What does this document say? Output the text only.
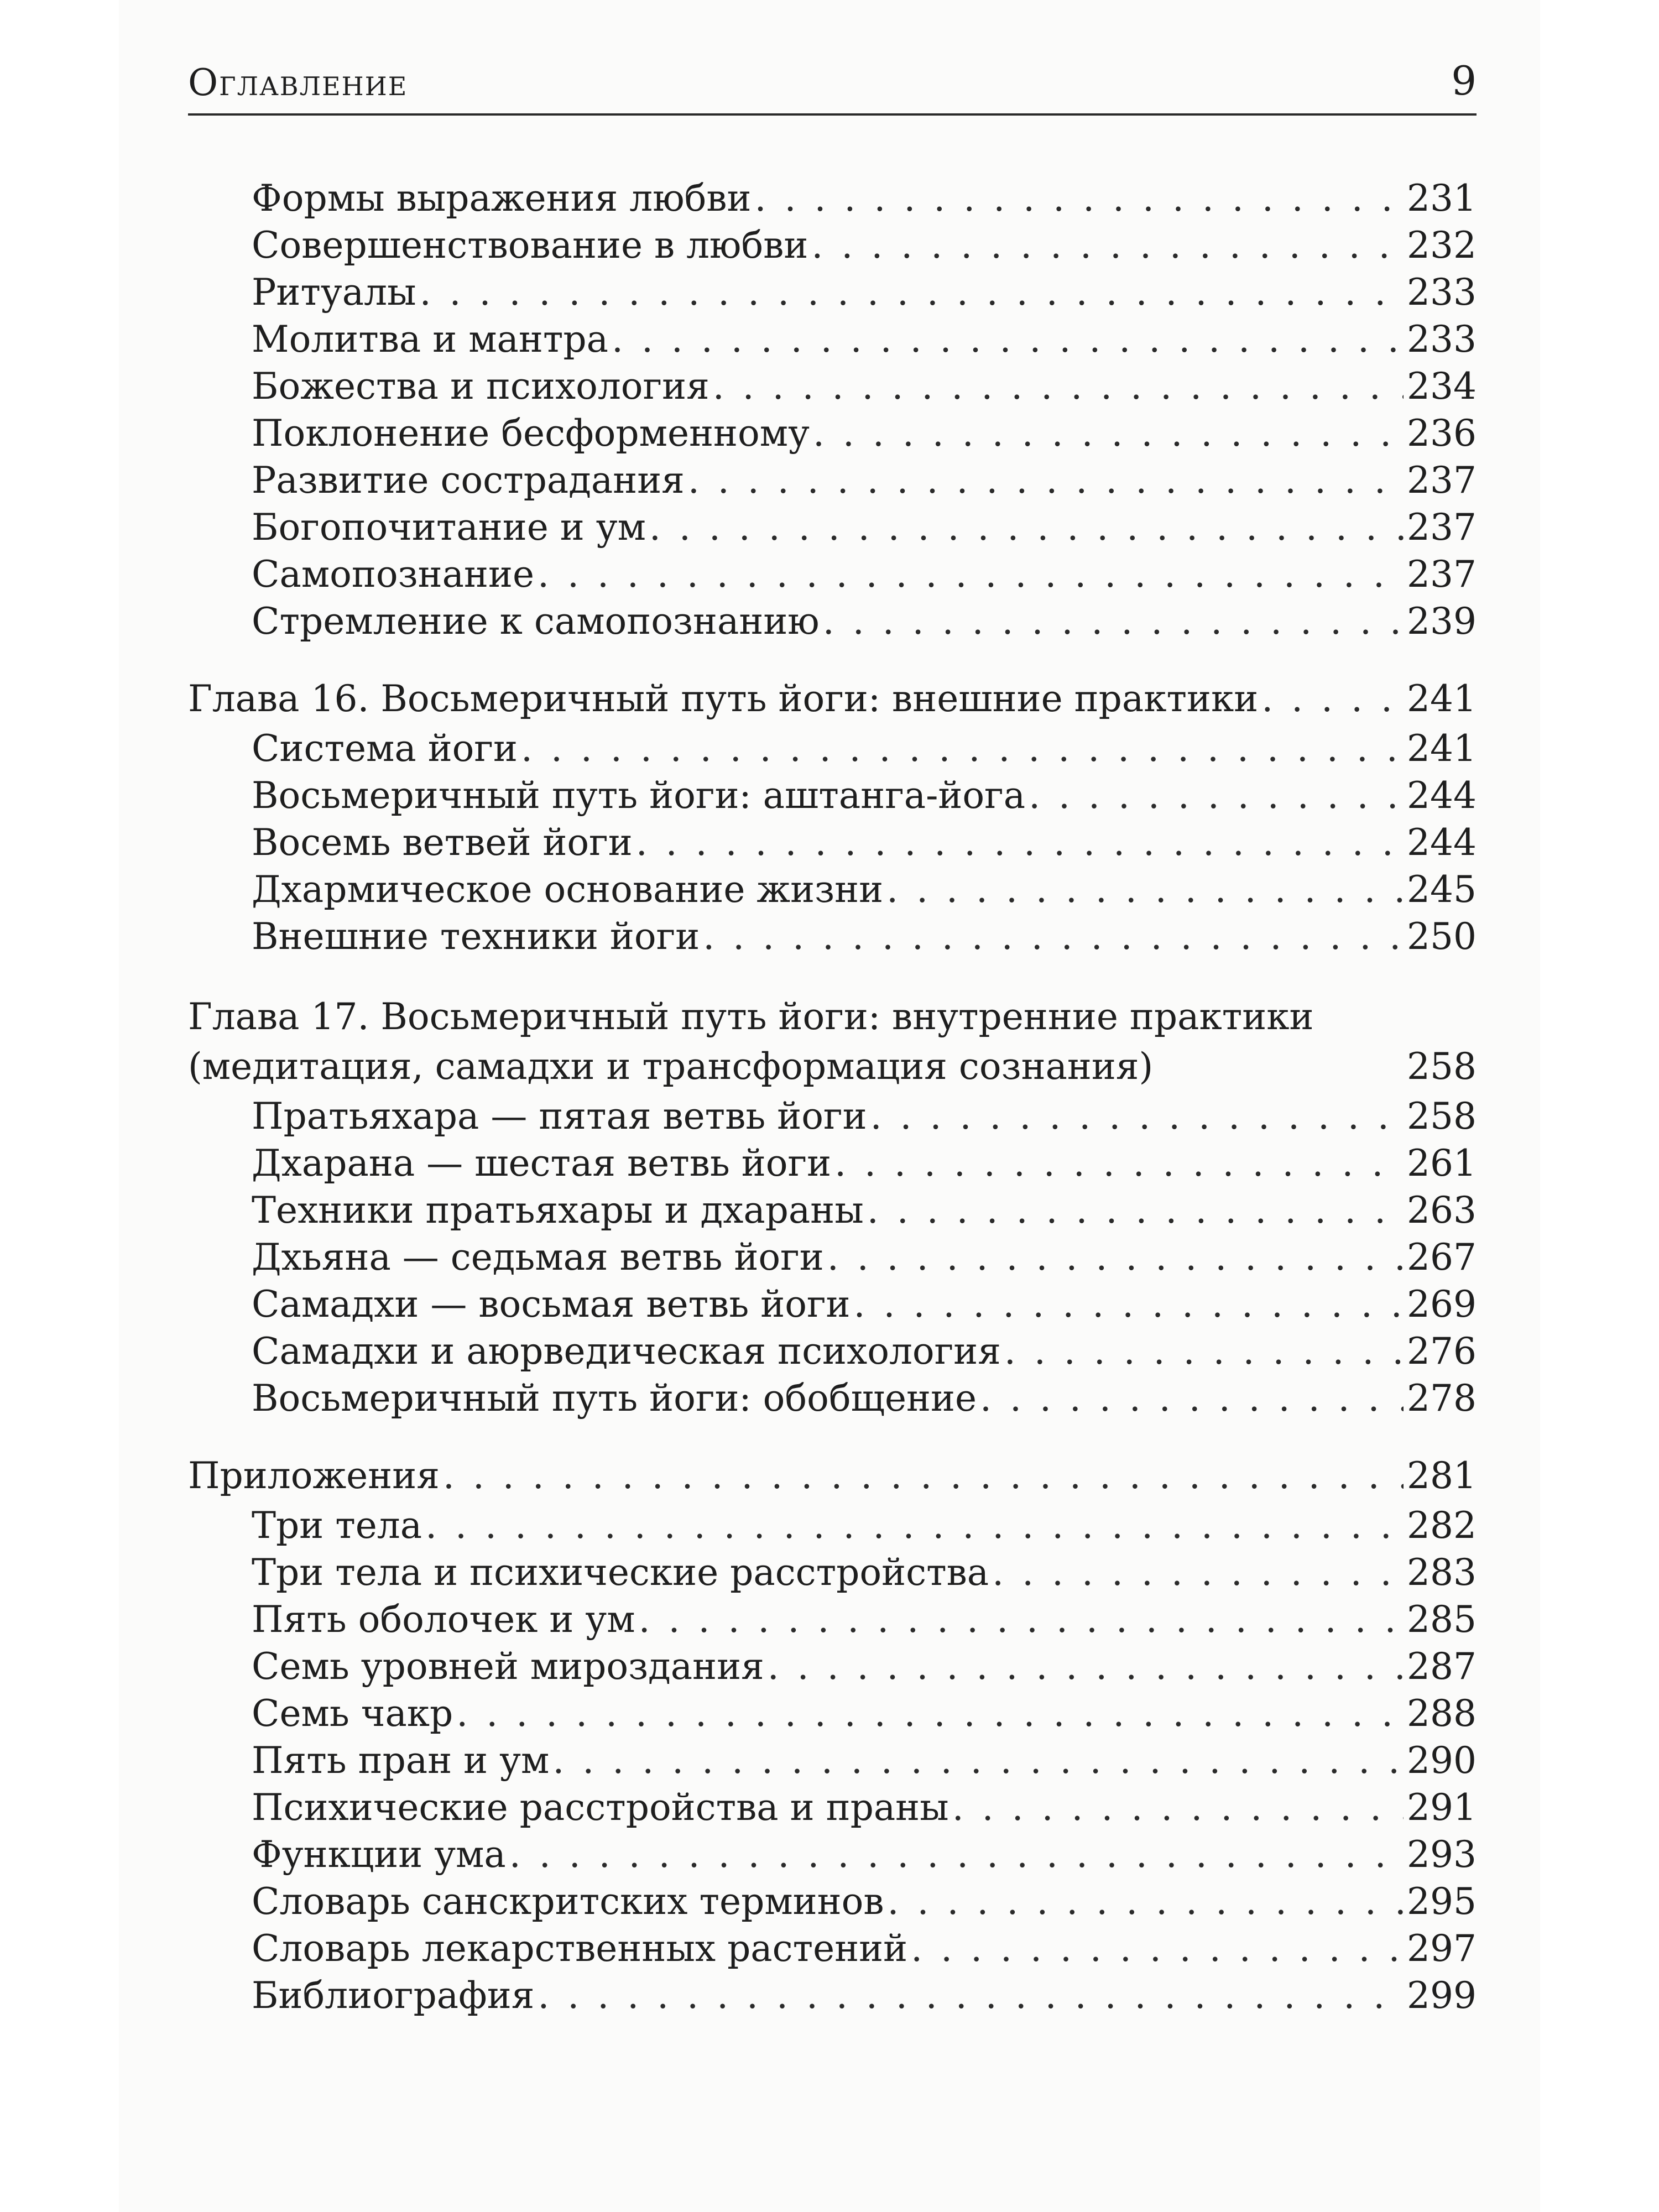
Оглавление	9
Формы выражения любви . . .	231
Совершенствование в любви . . .	232
Ритуалы . . .	233
Молитва и мантра . . .	233
Божества и психология . . .	234
Поклонение бесформенному . . .	236
Развитие сострадания . . .	237
Богопочитание и ум . . .	237
Самопознание . . .	237
Стремление к самопознанию . . .	239
Глава 16. Восьмеричный путь йоги: внешние практики . . .	241
Система йоги . . .	241
Восьмеричный путь йоги: аштанга-йога . . .	244
Восемь ветвей йоги . . .	244
Дхармическое основание жизни . . .	245
Внешние техники йоги . . .	250
Глава 17. Восьмеричный путь йоги: внутренние практики
(медитация, самадхи и трансформация сознания)	258
Пратьяхара — пятая ветвь йоги . . .	258
Дхарана — шестая ветвь йоги . . .	261
Техники пратьяхары и дхараны . . .	263
Дхьяна — седьмая ветвь йоги . . .	267
Самадхи — восьмая ветвь йоги . . .	269
Самадхи и аюрведическая психология . . .	276
Восьмеричный путь йоги: обобщение . . .	278
Приложения . . .	281
Три тела . . .	282
Три тела и психические расстройства . . .	283
Пять оболочек и ум . . .	285
Семь уровней мироздания . . .	287
Семь чакр . . .	288
Пять пран и ум . . .	290
Психические расстройства и праны . . .	291
Функции ума . . .	293
Словарь санскритских терминов . . .	295
Словарь лекарственных растений . . .	297
Библиография . . .	299
